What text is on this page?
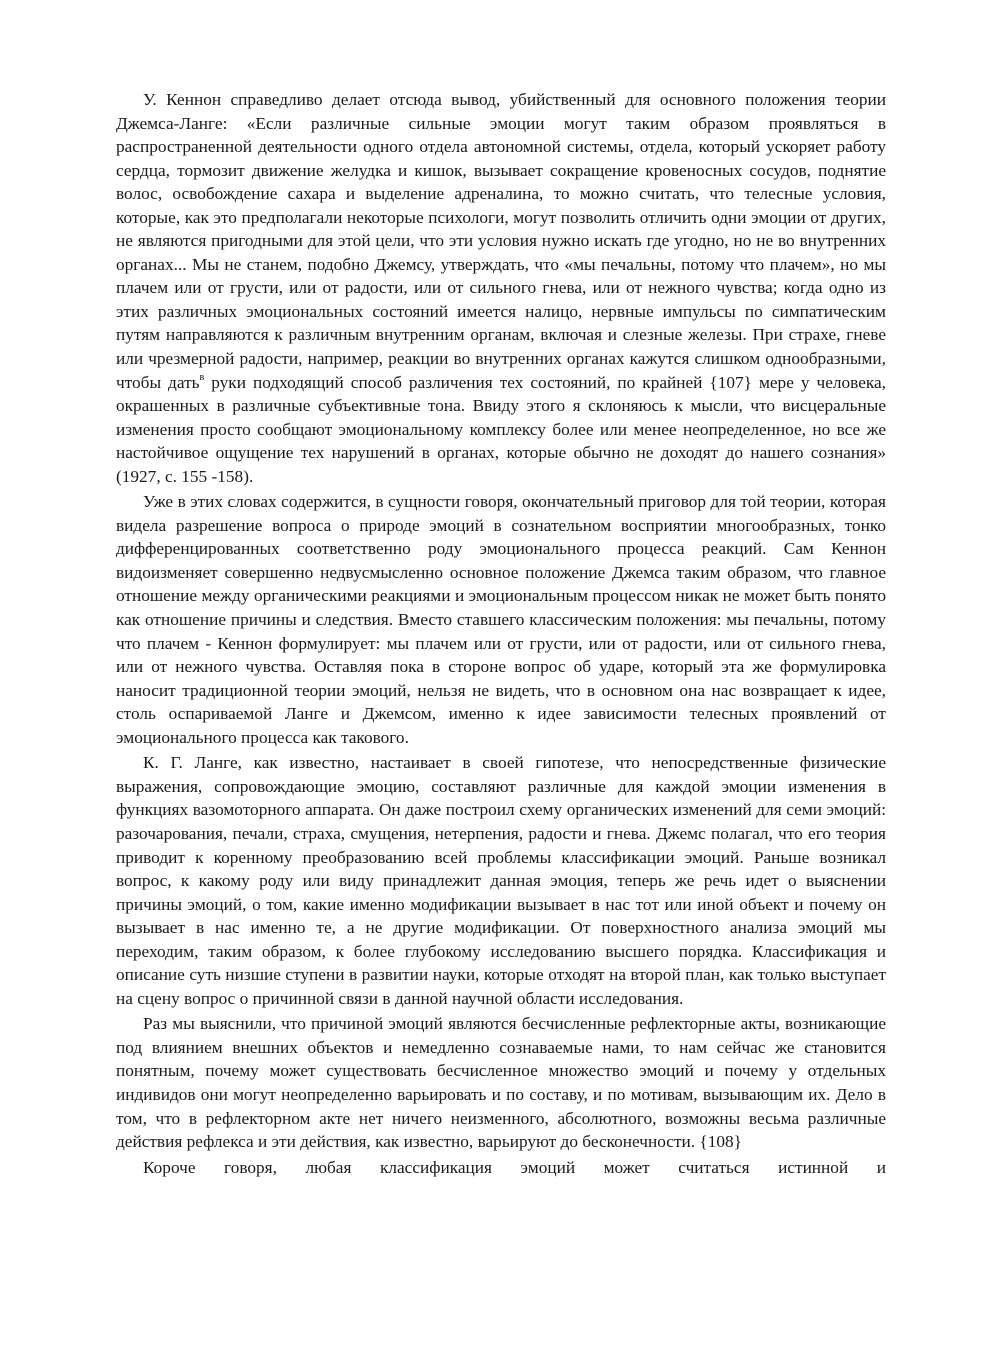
У. Кеннон справедливо делает отсюда вывод, убийственный для основного положения теории Джемса-Ланге: «Если различные сильные эмоции могут таким образом проявляться в распространенной деятельности одного отдела автономной системы, отдела, который ускоряет работу сердца, тормозит движение желудка и кишок, вызывает сокращение кровеносных сосудов, поднятие волос, освобождение сахара и выделение адреналина, то можно считать, что телесные условия, которые, как это предполагали некоторые психологи, могут позволить отличить одни эмоции от других, не являются пригодными для этой цели, что эти условия нужно искать где угодно, но не во внутренних органах... Мы не станем, подобно Джемсу, утверждать, что «мы печальны, потому что плачем», но мы плачем или от грусти, или от радости, или от сильного гнева, или от нежного чувства; когда одно из этих различных эмоциональных состояний имеется налицо, нервные импульсы по симпатическим путям направляются к различным внутренним органам, включая и слезные железы. При страхе, гневе или чрезмерной радости, например, реакции во внутренних органах кажутся слишком однообразными, чтобы дать$^в$ руки подходящий способ различения тех состояний, по крайней {107} мере у человека, окрашенных в различные субъективные тона. Ввиду этого я склоняюсь к мысли, что висцеральные изменения просто сообщают эмоциональному комплексу более или менее неопределенное, но все же настойчивое ощущение тех нарушений в органах, которые обычно не доходят до нашего сознания» (1927, с. 155 -158).

Уже в этих словах содержится, в сущности говоря, окончательный приговор для той теории, которая видела разрешение вопроса о природе эмоций в сознательном восприятии многообразных, тонко дифференцированных соответственно роду эмоционального процесса реакций. Сам Кеннон видоизменяет совершенно недвусмысленно основное положение Джемса таким образом, что главное отношение между органическими реакциями и эмоциональным процессом никак не может быть понято как отношение причины и следствия. Вместо ставшего классическим положения: мы печальны, потому что плачем - Кеннон формулирует: мы плачем или от грусти, или от радости, или от сильного гнева, или от нежного чувства. Оставляя пока в стороне вопрос об ударе, который эта же формулировка наносит традиционной теории эмоций, нельзя не видеть, что в основном она нас возвращает к идее, столь оспариваемой Ланге и Джемсом, именно к идее зависимости телесных проявлений от эмоционального процесса как такового.

К. Г. Ланге, как известно, настаивает в своей гипотезе, что непосредственные физические выражения, сопровождающие эмоцию, составляют различные для каждой эмоции изменения в функциях вазомоторного аппарата. Он даже построил схему органических изменений для семи эмоций: разочарования, печали, страха, смущения, нетерпения, радости и гнева. Джемс полагал, что его теория приводит к коренному преобразованию всей проблемы классификации эмоций. Раньше возникал вопрос, к какому роду или виду принадлежит данная эмоция, теперь же речь идет о выяснении причины эмоций, о том, какие именно модификации вызывает в нас тот или иной объект и почему он вызывает в нас именно те, а не другие модификации. От поверхностного анализа эмоций мы переходим, таким образом, к более глубокому исследованию высшего порядка. Классификация и описание суть низшие ступени в развитии науки, которые отходят на второй план, как только выступает на сцену вопрос о причинной связи в данной научной области исследования.

Раз мы выяснили, что причиной эмоций являются бесчисленные рефлекторные акты, возникающие под влиянием внешних объектов и немедленно сознаваемые нами, то нам сейчас же становится понятным, почему может существовать бесчисленное множество эмоций и почему у отдельных индивидов они могут неопределенно варьировать и по составу, и по мотивам, вызывающим их. Дело в том, что в рефлекторном акте нет ничего неизменного, абсолютного, возможны весьма различные действия рефлекса и эти действия, как известно, варьируют до бесконечности. {108}

Короче говоря, любая классификация эмоций может считаться истинной и
